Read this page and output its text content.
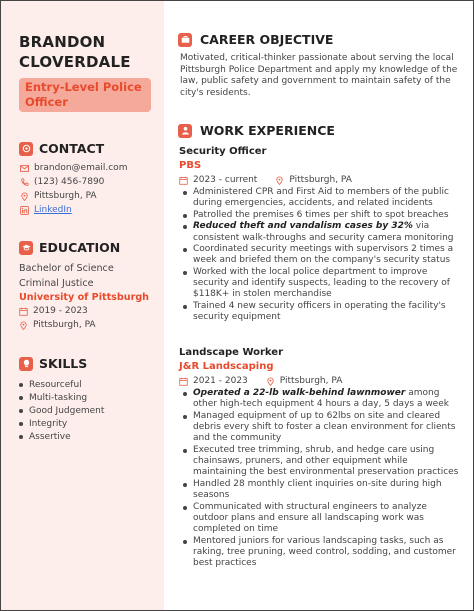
BRANDON
CLOVERDALE
Entry-Level Police
Officer
CONTACT
brandon@email.com
(123) 456-7890
Pittsburgh, PA
LinkedIn
EDUCATION
Bachelor of Science
Criminal Justice
University of Pittsburgh
2019 - 2023
Pittsburgh, PA
SKILLS
Resourceful
Multi-tasking
Good Judgement
Integrity
Assertive
CAREER OBJECTIVE
Motivated, critical-thinker passionate about serving the local Pittsburgh Police Department and apply my knowledge of the law, public safety and government to maintain safety of the city's residents.
WORK EXPERIENCE
Security Officer
PBS
2023 - current	Pittsburgh, PA
Administered CPR and First Aid to members of the public during emergencies, accidents, and related incidents
Patrolled the premises 6 times per shift to spot breaches
Reduced theft and vandalism cases by 32% via consistent walk-throughs and security camera monitoring
Coordinated security meetings with supervisors 2 times a week and briefed them on the company's security status
Worked with the local police department to improve security and identify suspects, leading to the recovery of $118K+ in stolen merchandise
Trained 4 new security officers in operating the facility's security equipment
Landscape Worker
J&R Landscaping
2021 - 2023	Pittsburgh, PA
Operated a 22-lb walk-behind lawnmower among other high-tech equipment 4 hours a day, 5 days a week
Managed equipment of up to 62lbs on site and cleared debris every shift to foster a clean environment for clients and the community
Executed tree trimming, shrub, and hedge care using chainsaws, pruners, and other equipment while maintaining the best environmental preservation practices
Handled 28 monthly client inquiries on-site during high seasons
Communicated with structural engineers to analyze outdoor plans and ensure all landscaping work was completed on time
Mentored juniors for various landscaping tasks, such as raking, tree pruning, weed control, sodding, and customer best practices
